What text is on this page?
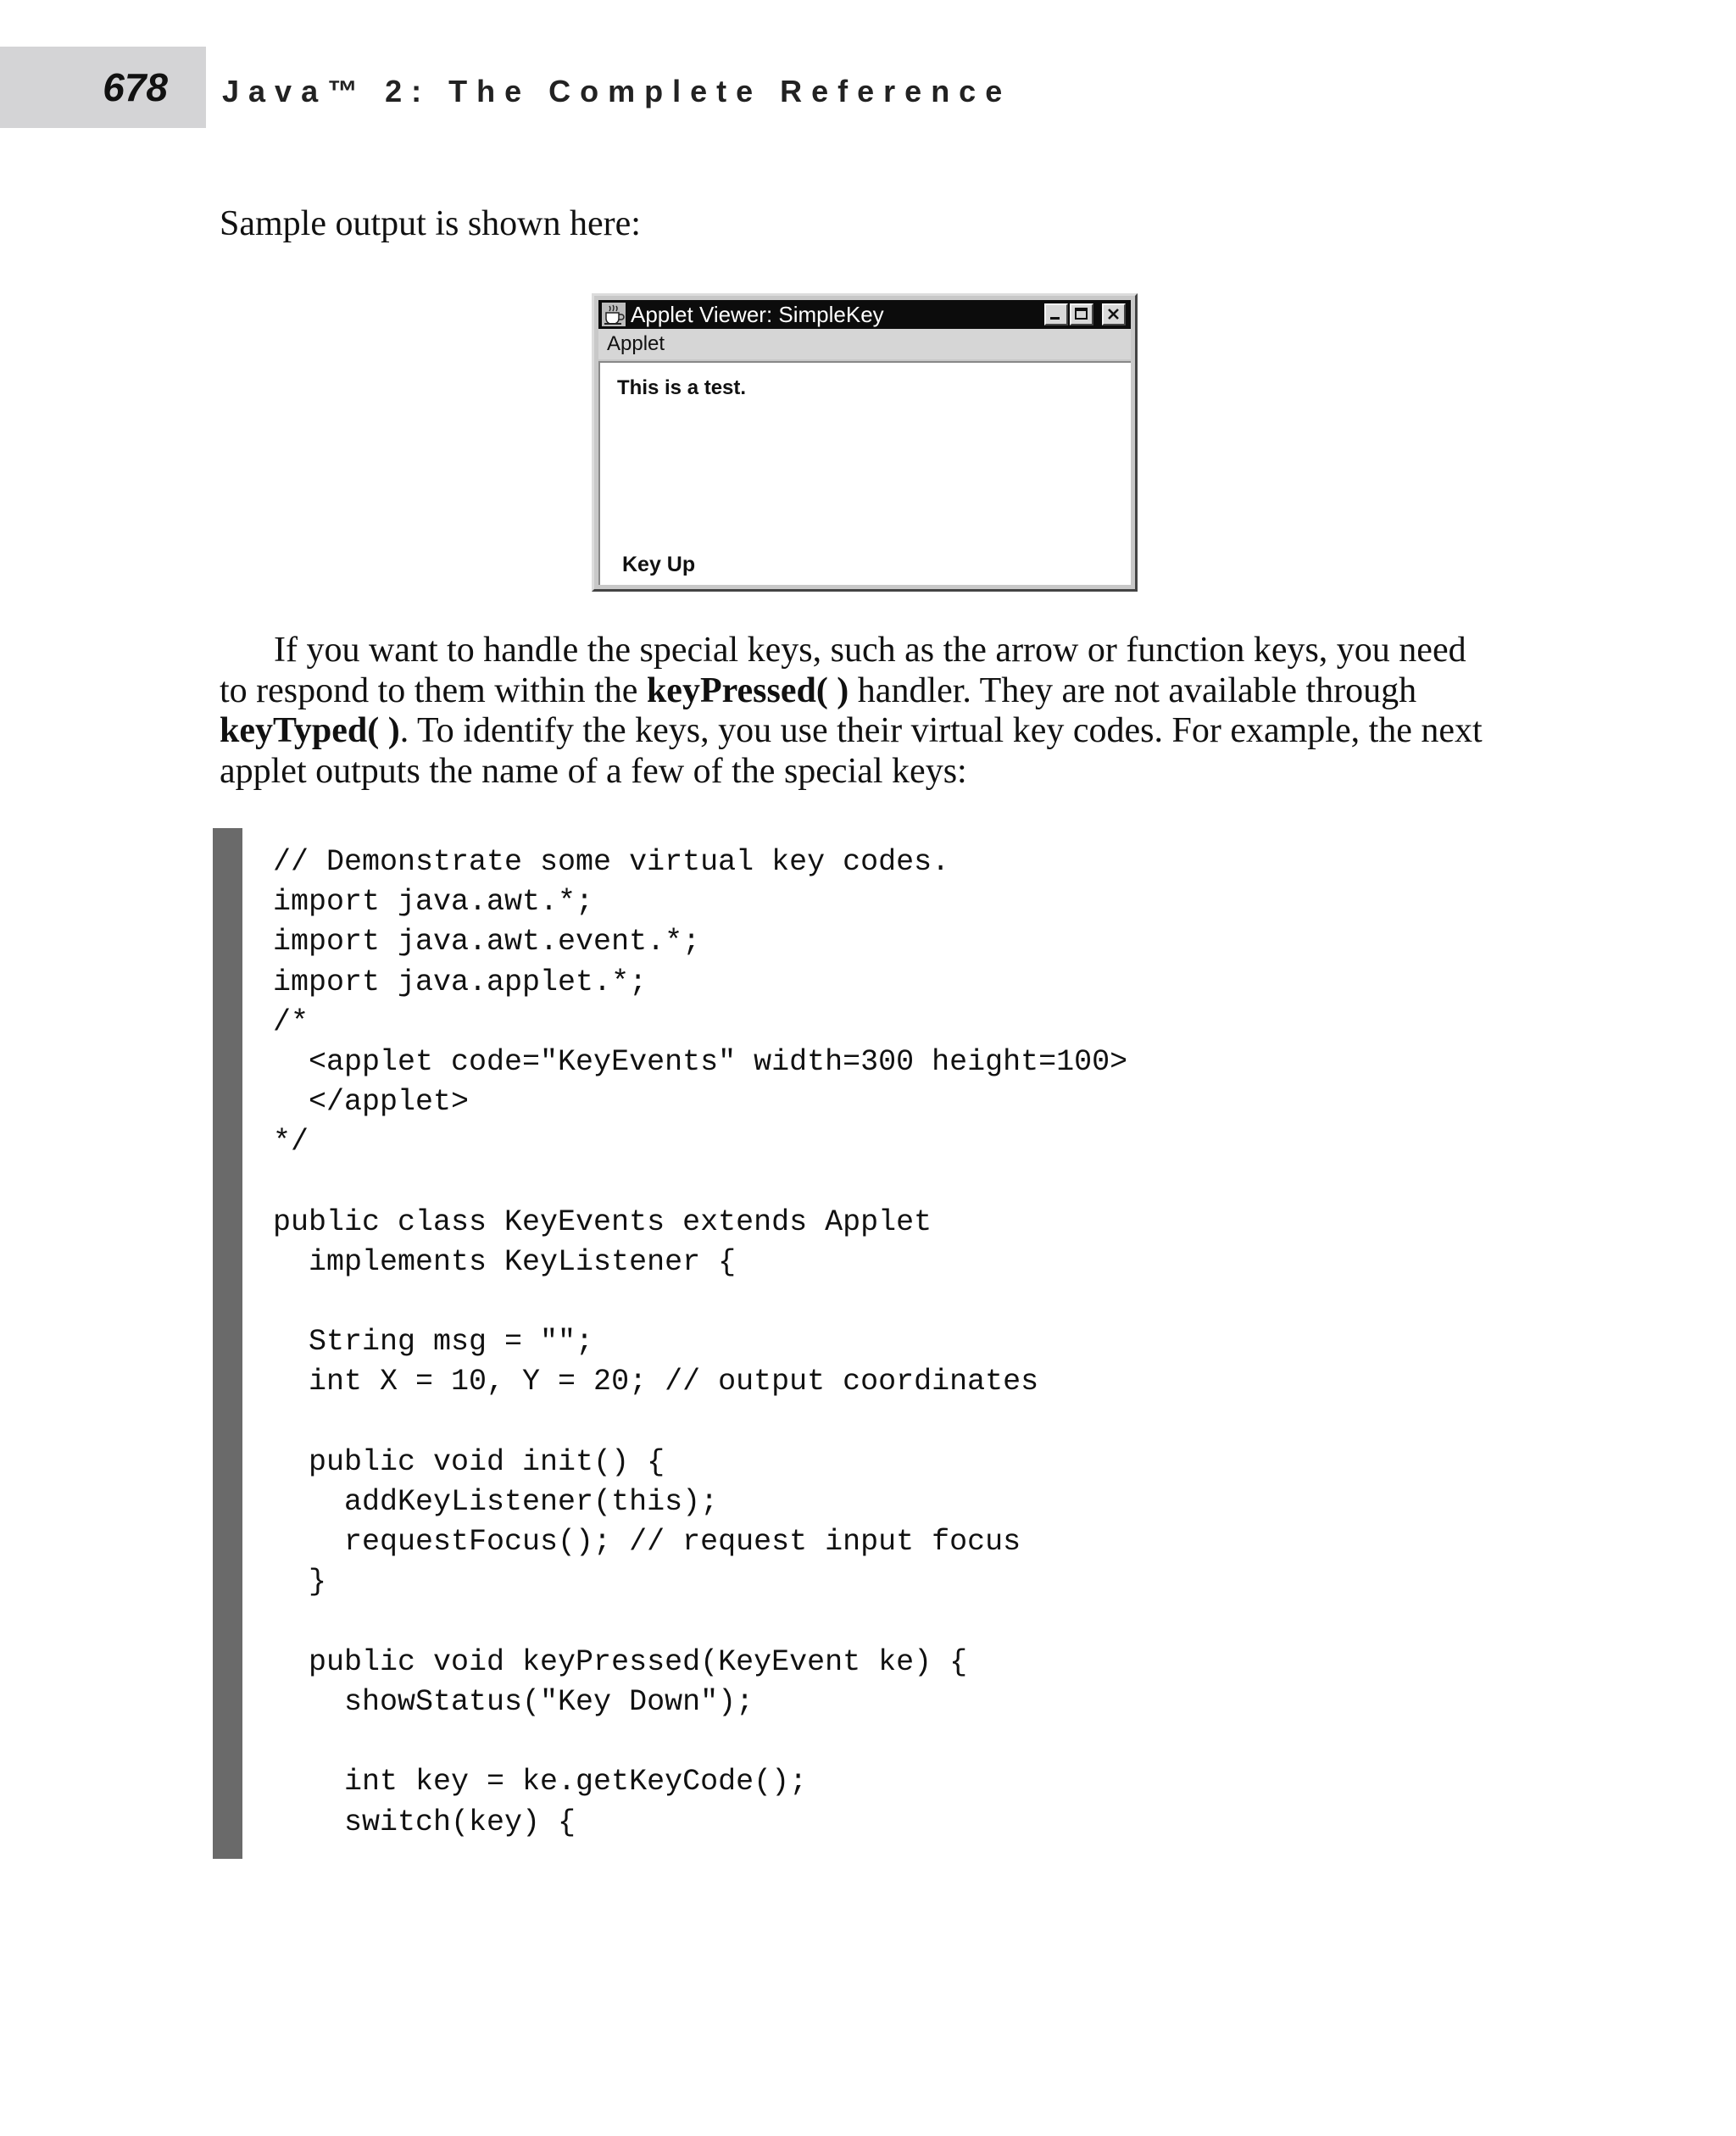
678 Java™ 2: The Complete Reference
Sample output is shown here:
Applet Viewer: SimpleKey
Applet
This is a test.
Key Up
If you want to handle the special keys, such as the arrow or function keys, you need
to respond to them within the keyPressed( ) handler. They are not available through
keyTyped( ). To identify the keys, you use their virtual key codes. For example, the next
applet outputs the name of a few of the special keys:
// Demonstrate some virtual key codes.
import java.awt.*;
import java.awt.event.*;
import java.applet.*;
/*
<applet code="KeyEvents" width=300 height=100>
</applet>
*/
public class KeyEvents extends Applet
implements KeyListener {
String msg = "";
int X = 10, Y = 20; // output coordinates
public void init() {
addKeyListener(this);
requestFocus(); // request input focus
}
public void keyPressed(KeyEvent ke) {
showStatus("Key Down");
int key = ke.getKeyCode();
switch(key) {
